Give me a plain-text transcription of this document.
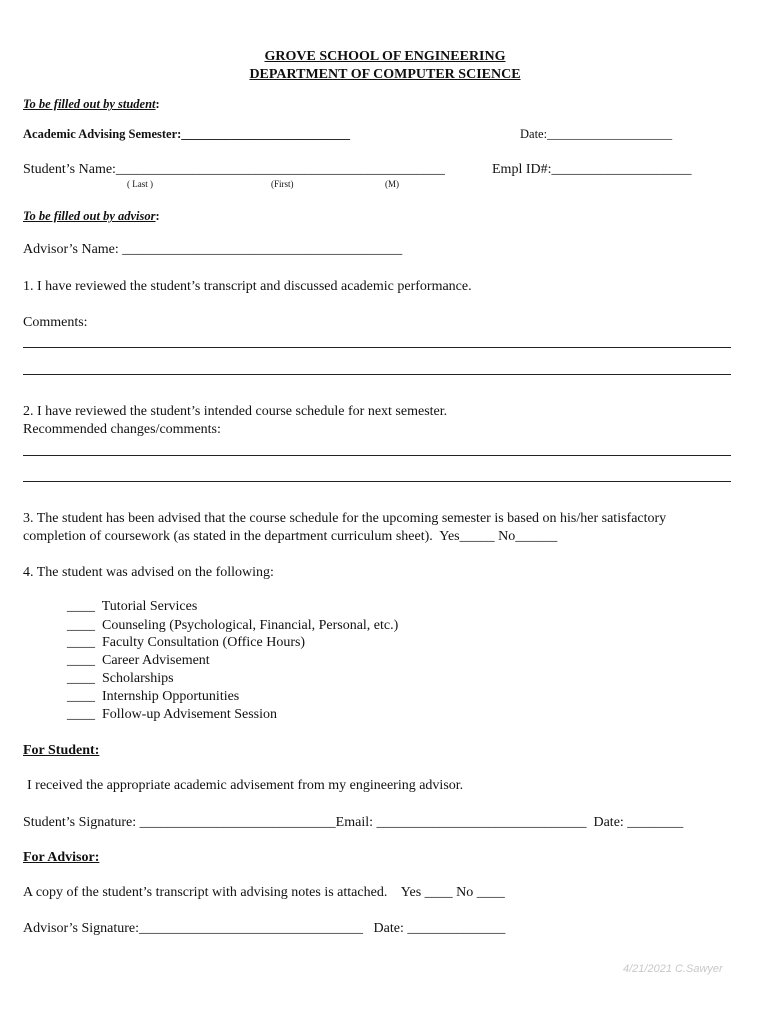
GROVE SCHOOL OF ENGINEERING
DEPARTMENT OF COMPUTER SCIENCE
To be filled out by student:
Academic Advising Semester:___________________________	Date:____________________
Student’s Name:_______________________________________________	Empl ID#:____________________
( Last )	(First)	(M)
To be filled out by advisor:
Advisor’s Name: ________________________________________
1. I have reviewed the student’s transcript and discussed academic performance.
Comments:
2. I have reviewed the student’s intended course schedule for next semester.
Recommended changes/comments:
3. The student has been advised that the course schedule for the upcoming semester is based on his/her satisfactory
completion of coursework (as stated in the department curriculum sheet).  Yes_____ No______
4. The student was advised on the following:
____  Tutorial Services
____  Counseling (Psychological, Financial, Personal, etc.)
____  Faculty Consultation (Office Hours)
____  Career Advisement
____  Scholarships
____  Internship Opportunities
____  Follow-up Advisement Session
For Student:
I received the appropriate academic advisement from my engineering advisor.
Student’s Signature: ____________________________Email: ______________________________  Date: ________
For Advisor:
A copy of the student’s transcript with advising notes is attached.    Yes ____ No ____
Advisor’s Signature:________________________________   Date: ______________
4/21/2021 C.Sawyer
